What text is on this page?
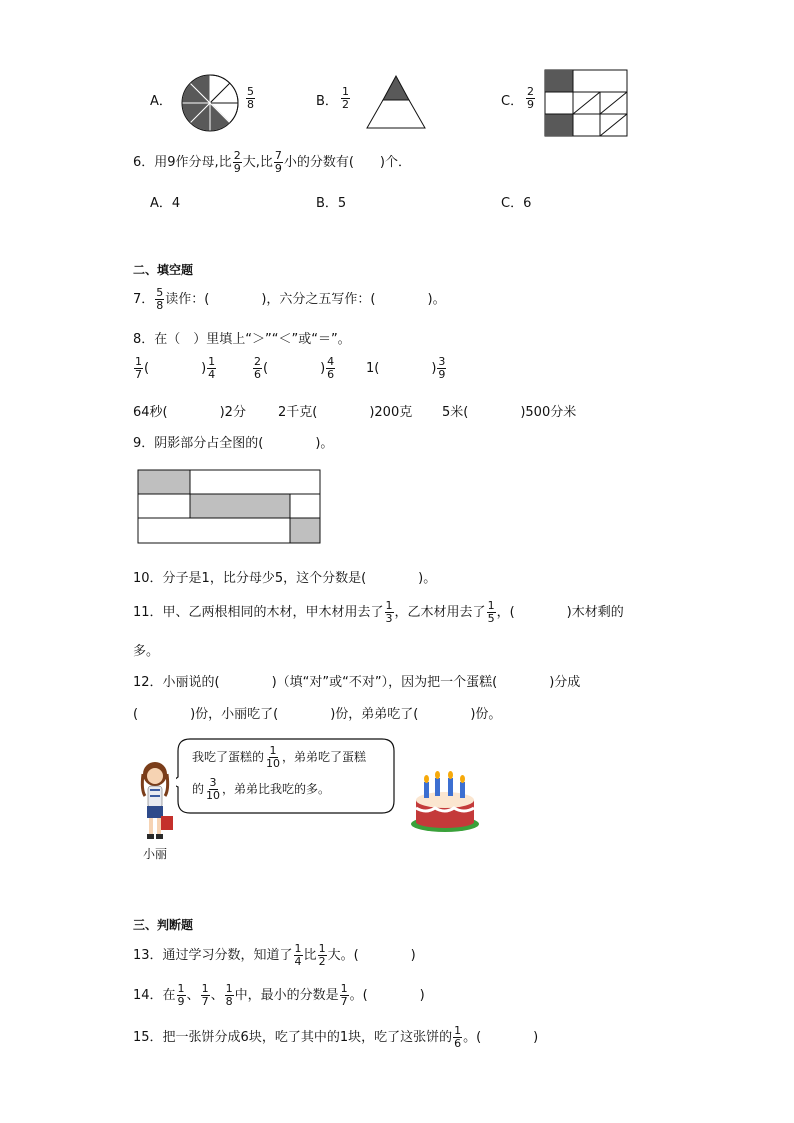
A．	$\frac{5}{8}$	B． $\frac{1}{2}$	C． $\frac{2}{9}$
6．用9作分母,比 $\frac{2}{9}$ 大,比 $\frac{7}{9}$ 小的分数有(　　)个．
A．4	B．5	C．6
二、填空题
7． $\frac{5}{8}$ 读作：(　　　　)，六分之五写作：(　　　　)。
8．在（　）里填上“＞”“＜”或“＝”。
$\frac{1}{7}$ (　　　　) $\frac{1}{4}$	$\frac{2}{6}$ (　　　　) $\frac{4}{6} 1$(　　　　) $\frac{3}{9}$
64秒(　　　　)2分 2千克(　　　　)200克 5米(　　　　)500分米
9．阴影部分占全图的(　　　　)。
10．分子是1，比分母少5，这个分数是(　　　　)。
11．甲、乙两根相同的木材，甲木材用去了 $\frac{1}{3}$ ，乙木材用去了 $\frac{1}{5}$ ，(　　　　)木材剩的
多。
12．小丽说的(　　　　)（填“对”或“不对”），因为把一个蛋糕(　　　　)分成
(　　　　)份，小丽吃了(　　　　)份，弟弟吃了(　　　　)份。
我吃了蛋糕的 $\frac{1}{10}$ ，弟弟吃了蛋糕
的 $\frac{3}{10}$ ，弟弟比我吃的多。
小丽
三、判断题
13．通过学习分数，知道了 $\frac{1}{4}$ 比 $\frac{1}{2}$ 大。(　　　　)
14．在 $\frac{1}{9}$ 、 $\frac{1}{7}$ 、 $\frac{1}{8}$ 中，最小的分数是 $\frac{1}{7}$ 。(　　　　)
15．把一张饼分成6块，吃了其中的1块，吃了这张饼的 $\frac{1}{6}$ 。(　　　　)
